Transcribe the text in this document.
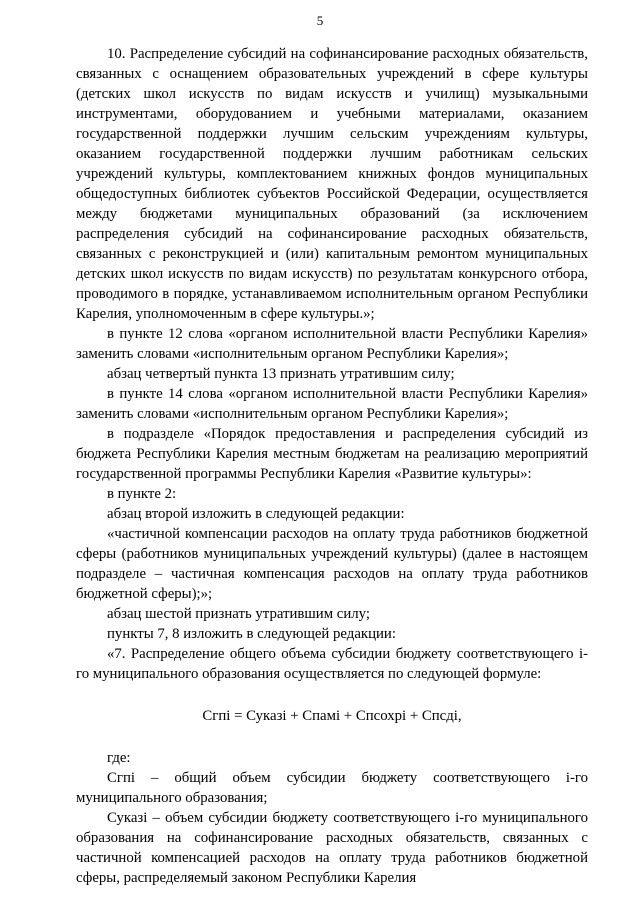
5

10. Распределение субсидий на софинансирование расходных обязательств, связанных с оснащением образовательных учреждений в сфере культуры (детских школ искусств по видам искусств и училищ) музыкальными инструментами, оборудованием и учебными материалами, оказанием государственной поддержки лучшим сельским учреждениям культуры, оказанием государственной поддержки лучшим работникам сельских учреждений культуры, комплектованием книжных фондов муниципальных общедоступных библиотек субъектов Российской Федерации, осуществляется между бюджетами муниципальных образований (за исключением распределения субсидий на софинансирование расходных обязательств, связанных с реконструкцией и (или) капитальным ремонтом муниципальных детских школ искусств по видам искусств) по результатам конкурсного отбора, проводимого в порядке, устанавливаемом исполнительным органом Республики Карелия, уполномоченным в сфере культуры.»;

в пункте 12 слова «органом исполнительной власти Республики Карелия» заменить словами «исполнительным органом Республики Карелия»;

абзац четвертый пункта 13 признать утратившим силу;

в пункте 14 слова «органом исполнительной власти Республики Карелия» заменить словами «исполнительным органом Республики Карелия»;

в подразделе «Порядок предоставления и распределения субсидий из бюджета Республики Карелия местным бюджетам на реализацию мероприятий государственной программы Республики Карелия «Развитие культуры»:

в пункте 2:

абзац второй изложить в следующей редакции:

«частичной компенсации расходов на оплату труда работников бюджетной сферы (работников муниципальных учреждений культуры) (далее в настоящем подразделе – частичная компенсация расходов на оплату труда работников бюджетной сферы);»;

абзац шестой признать утратившим силу;

пункты 7, 8 изложить в следующей редакции:

«7. Распределение общего объема субсидии бюджету соответствующего i-го муниципального образования осуществляется по следующей формуле:

Сгпi = Суказi + Спамi + Спсохрi + Спсдi,

где:

Сгпi – общий объем субсидии бюджету соответствующего i-го муниципального образования;

Суказi – объем субсидии бюджету соответствующего i-го муниципального образования на софинансирование расходных обязательств, связанных с частичной компенсацией расходов на оплату труда работников бюджетной сферы, распределяемый законом Республики Карелия
